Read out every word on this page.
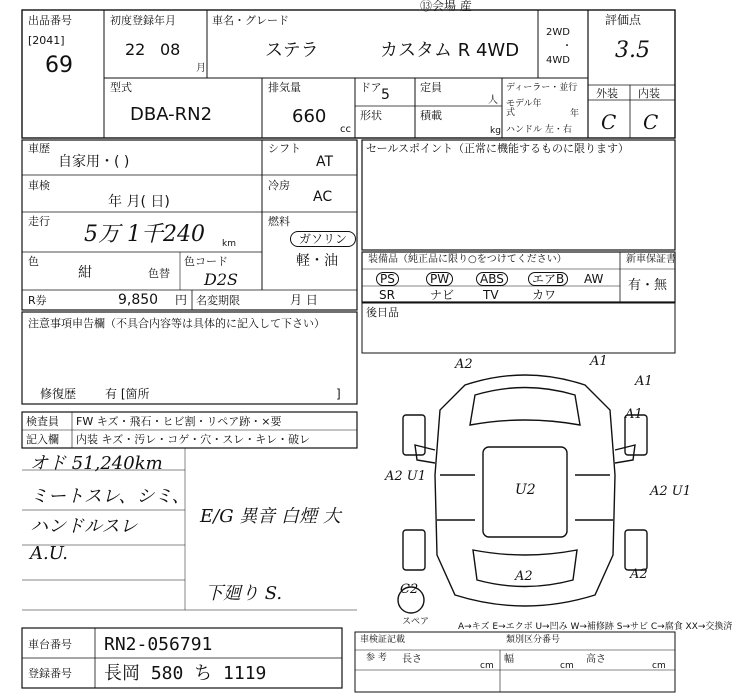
⑬会場 産
出品番号
[2041]
69
初度登録年月
22 08
月
車名・グレード
ステラ	カスタム R 4WD
2WD
・
4WD
評価点
3.5
型式
DBA-RN2
排気量
660
cc
ドア 5	定員
人
形状	積載
kg
ディーラー・並行
モデル年式	年
ハンドル 左・右
外装 内装
C C
車歴
自家用・( )
シフト
AT
車検
年 月( 日)
冷房
AC
走行
5万 1千240 km
燃料
ガソリン
軽・油
色
紺	色替
色コード
D2S
R券	9,850 円 名変期限	月 日
セールスポイント（正常に機能するものに限ります）
装備品（純正品に限り○をつけてください）	新車保証書
有・無
PS	PW	ABS	エアB	AW
SR	ナビ TV	カワ
後日品
注意事項申告欄（不具合内容等は具体的に記入して下さい）
修復歴 有 [箇所	]
検査員
記入欄
FW キズ・飛石・ヒビ割・リペア跡・×要
内装 キズ・汚レ・コゲ・穴・スレ・キレ・破レ
オド 51,240km
ミートスレ、シミ、
ハンドルスレ
A.U.
E/G 異音 白煙 大
下廻り S.
A2	A1
A1
A1
A2 U1
U2	A2 U1
A2	A2
C2
スペア
車台番号 RN2-056791
登録番号 長岡 580 ち 1119
A→キズ E→エクボ U→凹み W→補修跡 S→サビ C→腐食 XX→交換済
車検証記載
参 考
類別区分番号
長さ
cm
幅
cm
高さ
cm
